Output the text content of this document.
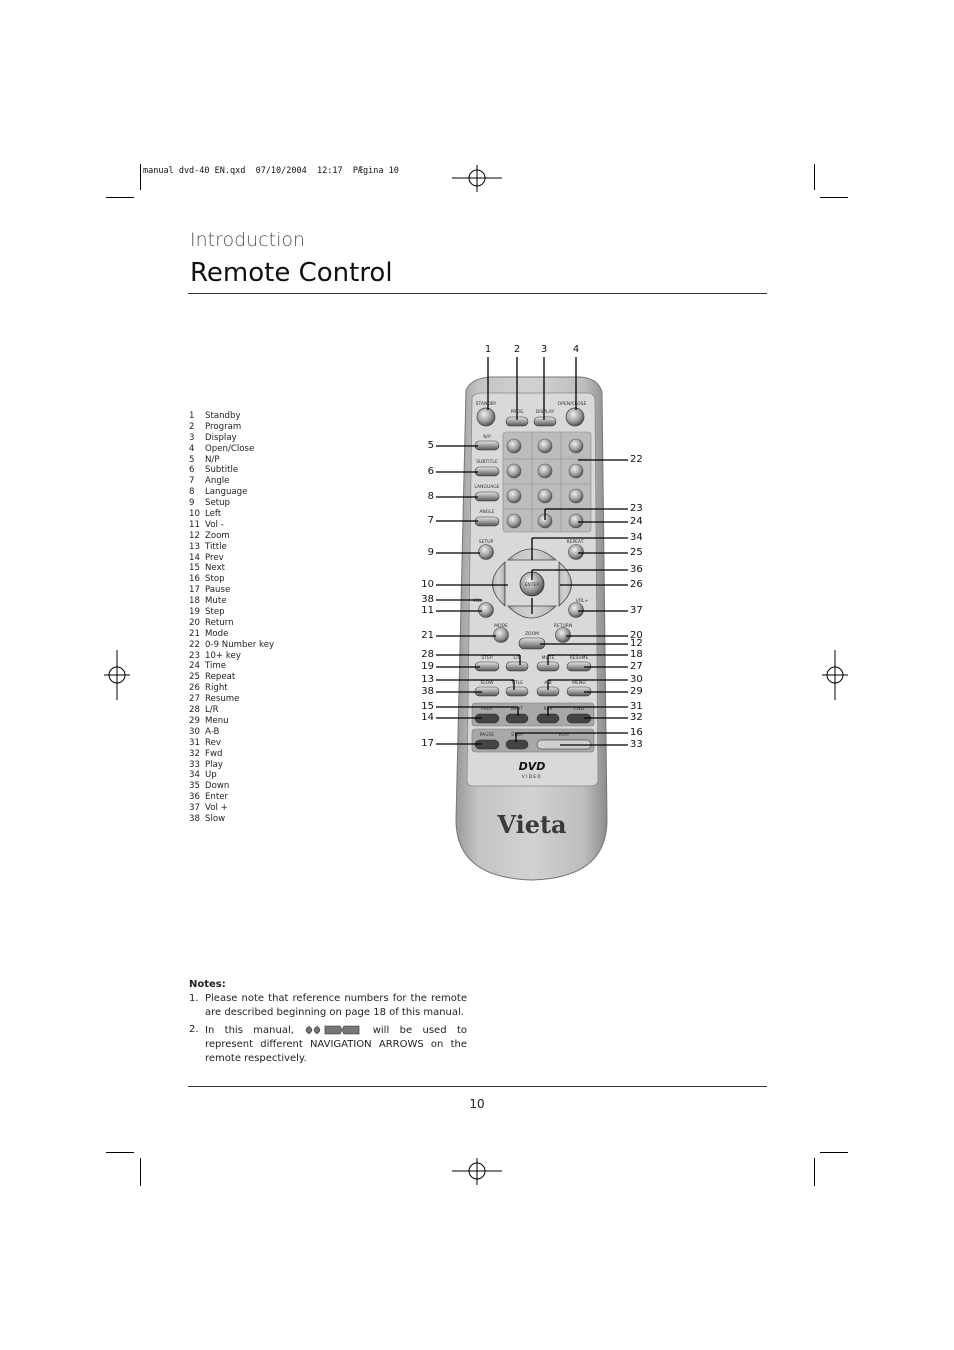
manual dvd-40 EN.qxd  07/10/2004  12:17  PÆgina 10
Introduction
Remote Control
1	Standby
2	Program
3	Display
4	Open/Close
5	N/P
6	Subtitle
7	Angle
8	Language
9	Setup
10 Left
11 Vol -
12 Zoom
13 Tittle
14 Prev
15 Next
16 Stop
17 Pause
18 Mute
19 Step
20 Return
21 Mode
22 0-9 Number key
23 10+ key
24 Time
25 Repeat
26 Right
27 Resume
28 L/R
29 Menu
30 A-B
31 Rev
32 Fwd
33 Play
34 Up
35 Down
36 Enter
37 Vol +
38 Slow
STANDBY
PROG	DISPLAY
OPEN/CLOSE
N/P
SUBTITLE
LANGUAGE
ANGLE
SETUP	REPEAT
ENTER
VOL-	VOL+
MODE	RETURN
ZOOM
STEP	L/R	MUTE	RESUME
SLOW	TITLE	A-B	MENU
PREV	NEXT	REV	FWD
PAUSE	STOP	PLAY
DVD
VIDEO
Vieta
1	2	3	4
5
6
8
7
9
10
38
11
21
28
19
13
38
15
14
17
22
23
24
34
25
36
26
37
20
12
18
27
30
29
31
32
16
33
Notes:
1. Please note that reference numbers for the remote are described beginning on page 18 of this manual.
2. In this manual,	will be used to represent different NAVIGATION ARROWS on the remote respectively.
10
